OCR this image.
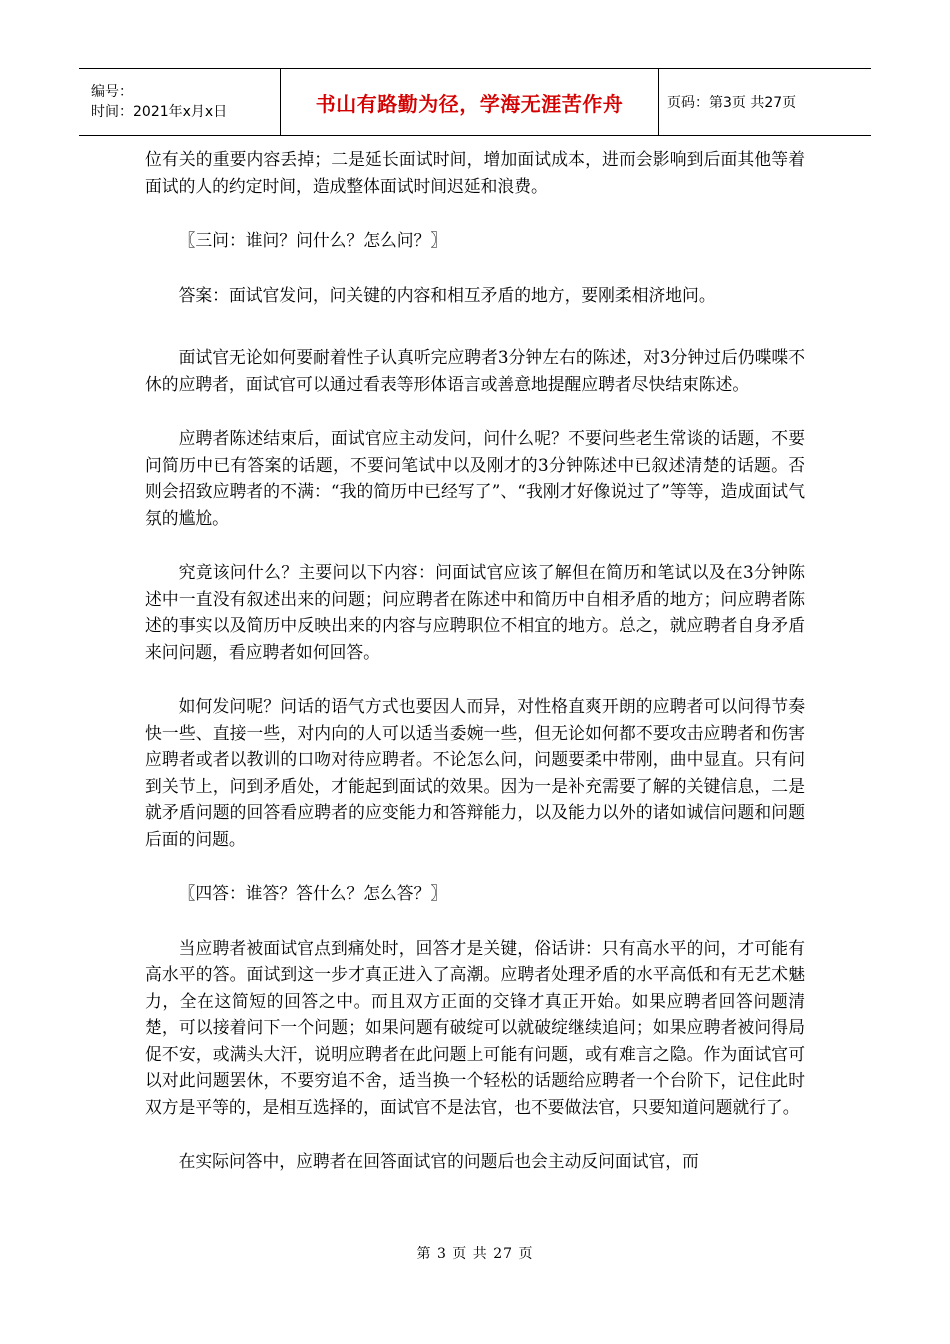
编号：
时间：2021年x月x日	书山有路勤为径，学海无涯苦作舟	页码：第3页 共27页

位有关的重要内容丢掉；二是延长面试时间，增加面试成本，进而会影响到后面其他等着面试的人的约定时间，造成整体面试时间迟延和浪费。

〖三问：谁问？问什么？怎么问？〗

答案：面试官发问，问关键的内容和相互矛盾的地方，要刚柔相济地问。

面试官无论如何要耐着性子认真听完应聘者3分钟左右的陈述，对3分钟过后仍喋喋不休的应聘者，面试官可以通过看表等形体语言或善意地提醒应聘者尽快结束陈述。

应聘者陈述结束后，面试官应主动发问，问什么呢？不要问些老生常谈的话题，不要问简历中已有答案的话题，不要问笔试中以及刚才的3分钟陈述中已叙述清楚的话题。否则会招致应聘者的不满：“我的简历中已经写了”、“我刚才好像说过了”等等，造成面试气氛的尴尬。

究竟该问什么？主要问以下内容：问面试官应该了解但在简历和笔试以及在3分钟陈述中一直没有叙述出来的问题；问应聘者在陈述中和简历中自相矛盾的地方；问应聘者陈述的事实以及简历中反映出来的内容与应聘职位不相宜的地方。总之，就应聘者自身矛盾来问问题，看应聘者如何回答。

如何发问呢？问话的语气方式也要因人而异，对性格直爽开朗的应聘者可以问得节奏快一些、直接一些，对内向的人可以适当委婉一些，但无论如何都不要攻击应聘者和伤害应聘者或者以教训的口吻对待应聘者。不论怎么问，问题要柔中带刚，曲中显直。只有问到关节上，问到矛盾处，才能起到面试的效果。因为一是补充需要了解的关键信息，二是就矛盾问题的回答看应聘者的应变能力和答辩能力，以及能力以外的诸如诚信问题和问题后面的问题。

〖四答：谁答？答什么？怎么答？〗

当应聘者被面试官点到痛处时，回答才是关键，俗话讲：只有高水平的问，才可能有高水平的答。面试到这一步才真正进入了高潮。应聘者处理矛盾的水平高低和有无艺术魅力，全在这简短的回答之中。而且双方正面的交锋才真正开始。如果应聘者回答问题清楚，可以接着问下一个问题；如果问题有破绽可以就破绽继续追问；如果应聘者被问得局促不安，或满头大汗，说明应聘者在此问题上可能有问题，或有难言之隐。作为面试官可以对此问题罢休，不要穷追不舍，适当换一个轻松的话题给应聘者一个台阶下，记住此时双方是平等的，是相互选择的，面试官不是法官，也不要做法官，只要知道问题就行了。

在实际问答中，应聘者在回答面试官的问题后也会主动反问面试官，而

第 3 页 共 27 页
